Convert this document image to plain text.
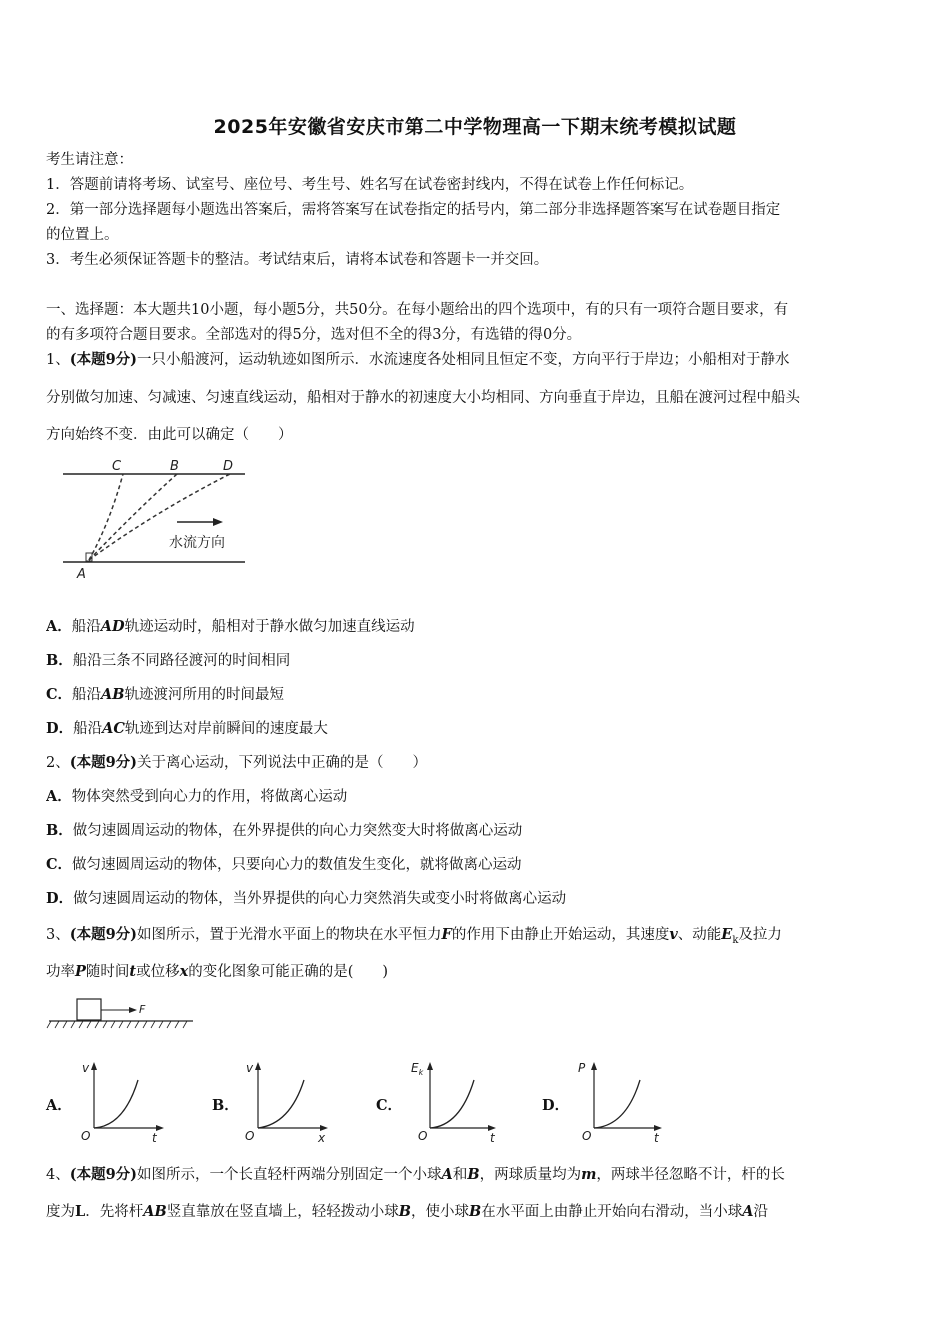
2025年安徽省安庆市第二中学物理高一下期末统考模拟试题
考生请注意：
1．答题前请将考场、试室号、座位号、考生号、姓名写在试卷密封线内，不得在试卷上作任何标记。
2．第一部分选择题每小题选出答案后，需将答案写在试卷指定的括号内，第二部分非选择题答案写在试卷题目指定
的位置上。
3．考生必须保证答题卡的整洁。考试结束后，请将本试卷和答题卡一并交回。
一、选择题：本大题共10小题，每小题5分，共50分。在每小题给出的四个选项中，有的只有一项符合题目要求，有
的有多项符合题目要求。全部选对的得5分，选对但不全的得3分，有选错的得0分。
1、(本题9分)一只小船渡河，运动轨迹如图所示．水流速度各处相同且恒定不变，方向平行于岸边；小船相对于静水
分别做匀加速、匀减速、匀速直线运动，船相对于静水的初速度大小均相同、方向垂直于岸边，且船在渡河过程中船头
方向始终不变．由此可以确定（　　）
C	B	D
A
水流方向
A．船沿AD轨迹运动时，船相对于静水做匀加速直线运动
B．船沿三条不同路径渡河的时间相同
C．船沿AB轨迹渡河所用的时间最短
D．船沿AC轨迹到达对岸前瞬间的速度最大
2、(本题9分)关于离心运动，下列说法中正确的是（　　）
A．物体突然受到向心力的作用，将做离心运动
B．做匀速圆周运动的物体，在外界提供的向心力突然变大时将做离心运动
C．做匀速圆周运动的物体，只要向心力的数值发生变化，就将做离心运动
D．做匀速圆周运动的物体，当外界提供的向心力突然消失或变小时将做离心运动
3、(本题9分)如图所示，置于光滑水平面上的物块在水平恒力F的作用下由静止开始运动，其速度v、动能$E_k$及拉力
功率P随时间t或位移x的变化图象可能正确的是(　　)
F
A．
v
t
O
B．
v
x
O
C．
$E_k$
t
O
D．
P
t
O
4、(本题9分)如图所示，一个长直轻杆两端分别固定一个小球A和B，两球质量均为m，两球半径忽略不计，杆的长
度为L．先将杆AB竖直靠放在竖直墙上，轻轻拨动小球B，使小球B在水平面上由静止开始向右滑动，当小球A沿
